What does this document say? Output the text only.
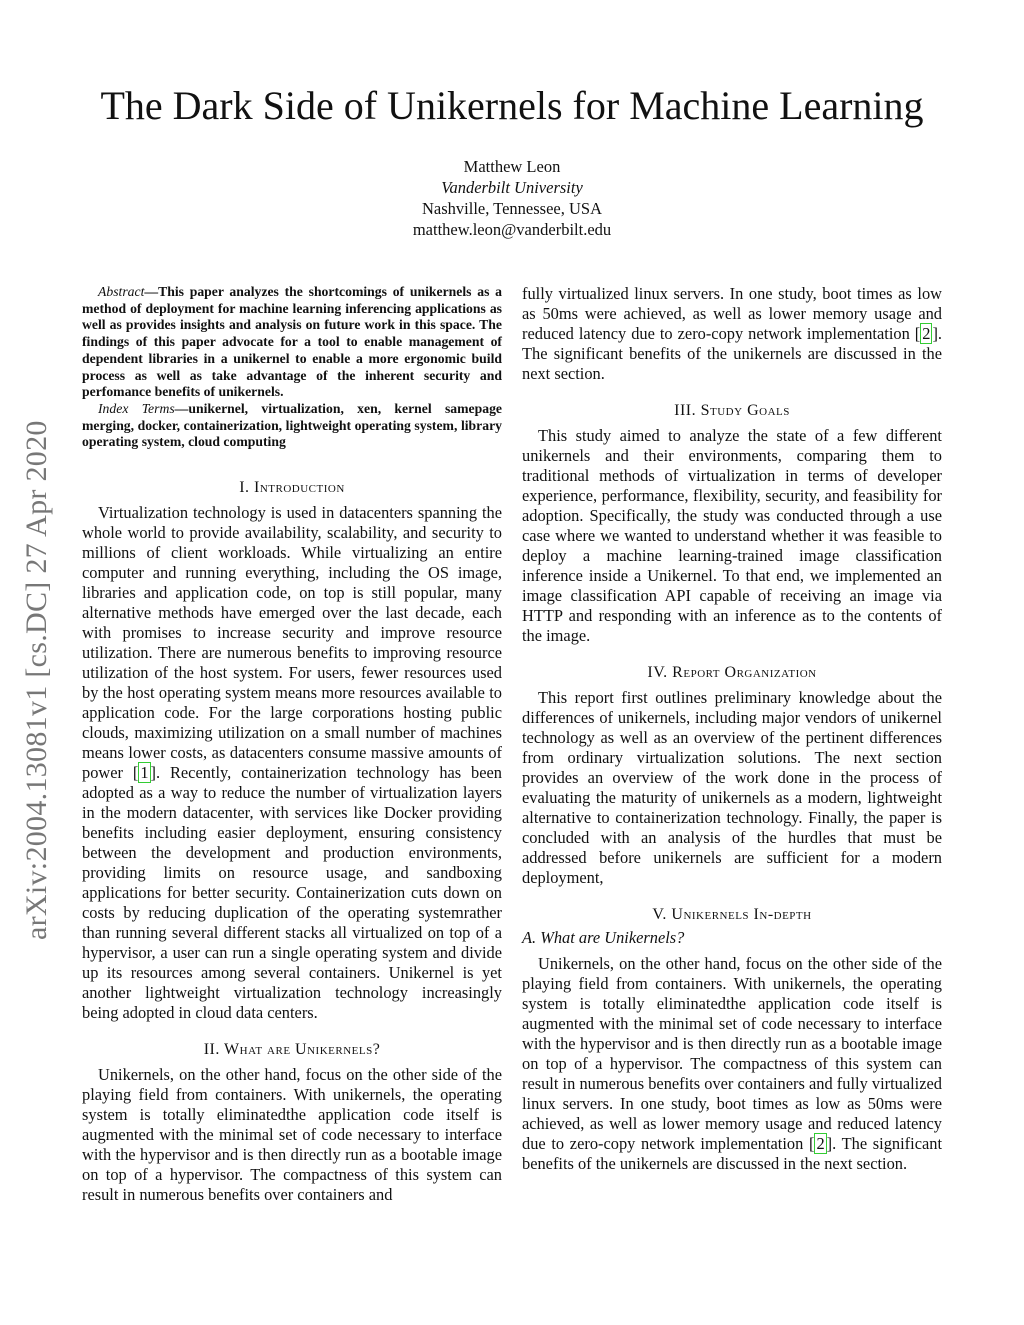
The Dark Side of Unikernels for Machine Learning
Matthew Leon
Vanderbilt University
Nashville, Tennessee, USA
matthew.leon@vanderbilt.edu
arXiv:2004.13081v1 [cs.DC] 27 Apr 2020

Abstract—This paper analyzes the shortcomings of unikernels as a method of deployment for machine learning inferencing applications as well as provides insights and analysis on future work in this space. The findings of this paper advocate for a tool to enable management of dependent libraries in a unikernel to enable a more ergonomic build process as well as take advantage of the inherent security and perfomance benefits of unikernels.

Index Terms—unikernel, virtualization, xen, kernel samepage merging, docker, containerization, lightweight operating system, library operating system, cloud computing

I. Introduction

Virtualization technology is used in datacenters spanning the whole world to provide availability, scalability, and security to millions of client workloads. While virtualizing an entire computer and running everything, including the OS image, libraries and application code, on top is still popular, many alternative methods have emerged over the last decade, each with promises to increase security and improve resource utilization. There are numerous benefits to improving resource utilization of the host system. For users, fewer resources used by the host operating system means more resources available to application code. For the large corporations hosting public clouds, maximizing utilization on a small number of machines means lower costs, as datacenters consume massive amounts of power [ 1 ]. Recently, containerization technology has been adopted as a way to reduce the number of virtualization layers in the modern datacenter, with services like Docker providing benefits including easier deployment, ensuring consistency between the development and production environments, providing limits on resource usage, and sandboxing applications for better security. Containerization cuts down on costs by reducing duplication of the operating systemrather than running several different stacks all virtualized on top of a hypervisor, a user can run a single operating system and divide up its resources among several containers. Unikernel is yet another lightweight virtualization technology increasingly being adopted in cloud data centers.

II. What are Unikernels?

Unikernels, on the other hand, focus on the other side of the playing field from containers. With unikernels, the operating system is totally eliminatedthe application code itself is augmented with the minimal set of code necessary to interface with the hypervisor and is then directly run as a bootable image on top of a hypervisor. The compactness of this system can result in numerous benefits over containers and

fully virtualized linux servers. In one study, boot times as low as 50ms were achieved, as well as lower memory usage and reduced latency due to zero-copy network implementation [ 2 ]. The significant benefits of the unikernels are discussed in the next section.

III. Study Goals

This study aimed to analyze the state of a few different unikernels and their environments, comparing them to traditional methods of virtualization in terms of developer experience, performance, flexibility, security, and feasibility for adoption. Specifically, the study was conducted through a use case where we wanted to understand whether it was feasible to deploy a machine learning-trained image classification inference inside a Unikernel. To that end, we implemented an image classification API capable of receiving an image via HTTP and responding with an inference as to the contents of the image.

IV. Report Organization

This report first outlines preliminary knowledge about the differences of unikernels, including major vendors of unikernel technology as well as an overview of the pertinent differences from ordinary virtualization solutions. The next section provides an overview of the work done in the process of evaluating the maturity of unikernels as a modern, lightweight alternative to containerization technology. Finally, the paper is concluded with an analysis of the hurdles that must be addressed before unikernels are sufficient for a modern deployment,

V. Unikernels In-depth
A. What are Unikernels?

Unikernels, on the other hand, focus on the other side of the playing field from containers. With unikernels, the operating system is totally eliminatedthe application code itself is augmented with the minimal set of code necessary to interface with the hypervisor and is then directly run as a bootable image on top of a hypervisor. The compactness of this system can result in numerous benefits over containers and fully virtualized linux servers. In one study, boot times as low as 50ms were achieved, as well as lower memory usage and reduced latency due to zero-copy network implementation [ 2 ]. The significant benefits of the unikernels are discussed in the next section.
